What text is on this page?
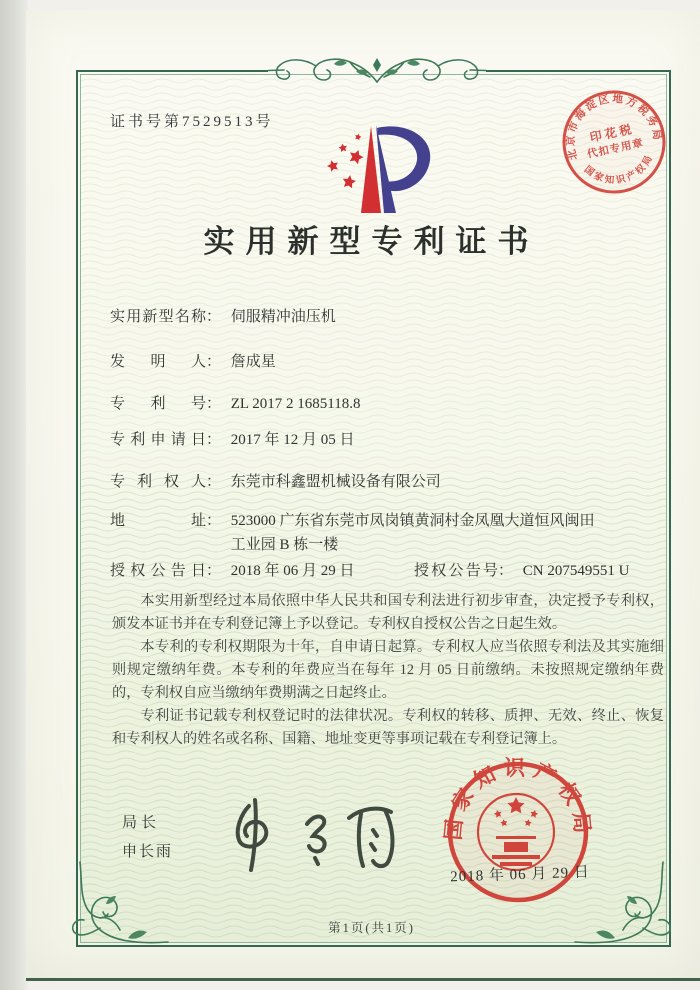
证书号第7529513号
北京市海淀区地方税务局
国家知识产权局
印花税
代扣专用章
实用新型专利证书
实用新型名称： 伺服精冲油压机
发明人： 詹成星
专利号： ZL 2017 2 1685118.8
专利申请日： 2017 年 12 月 05 日
专利权人： 东莞市科鑫盟机械设备有限公司
地址： 523000 广东省东莞市凤岗镇黄洞村金凤凰大道恒风闽田
工业园 B 栋一楼
授权公告日： 2018 年 06 月 29 日	授权公告号： CN 207549551 U

本实用新型经过本局依照中华人民共和国专利法进行初步审查，决定授予专利权，颁发本证书并在专利登记簿上予以登记。专利权自授权公告之日起生效。

本专利的专利权期限为十年，自申请日起算。专利权人应当依照专利法及其实施细则规定缴纳年费。本专利的年费应当在每年 12 月 05 日前缴纳。未按照规定缴纳年费的，专利权自应当缴纳年费期满之日起终止。

专利证书记载专利权登记时的法律状况。专利权的转移、质押、无效、终止、恢复和专利权人的姓名或名称、国籍、地址变更等事项记载在专利登记簿上。

局长
申长雨
国家知识产权局
2018 年 06 月 29 日
第1页(共1页)
